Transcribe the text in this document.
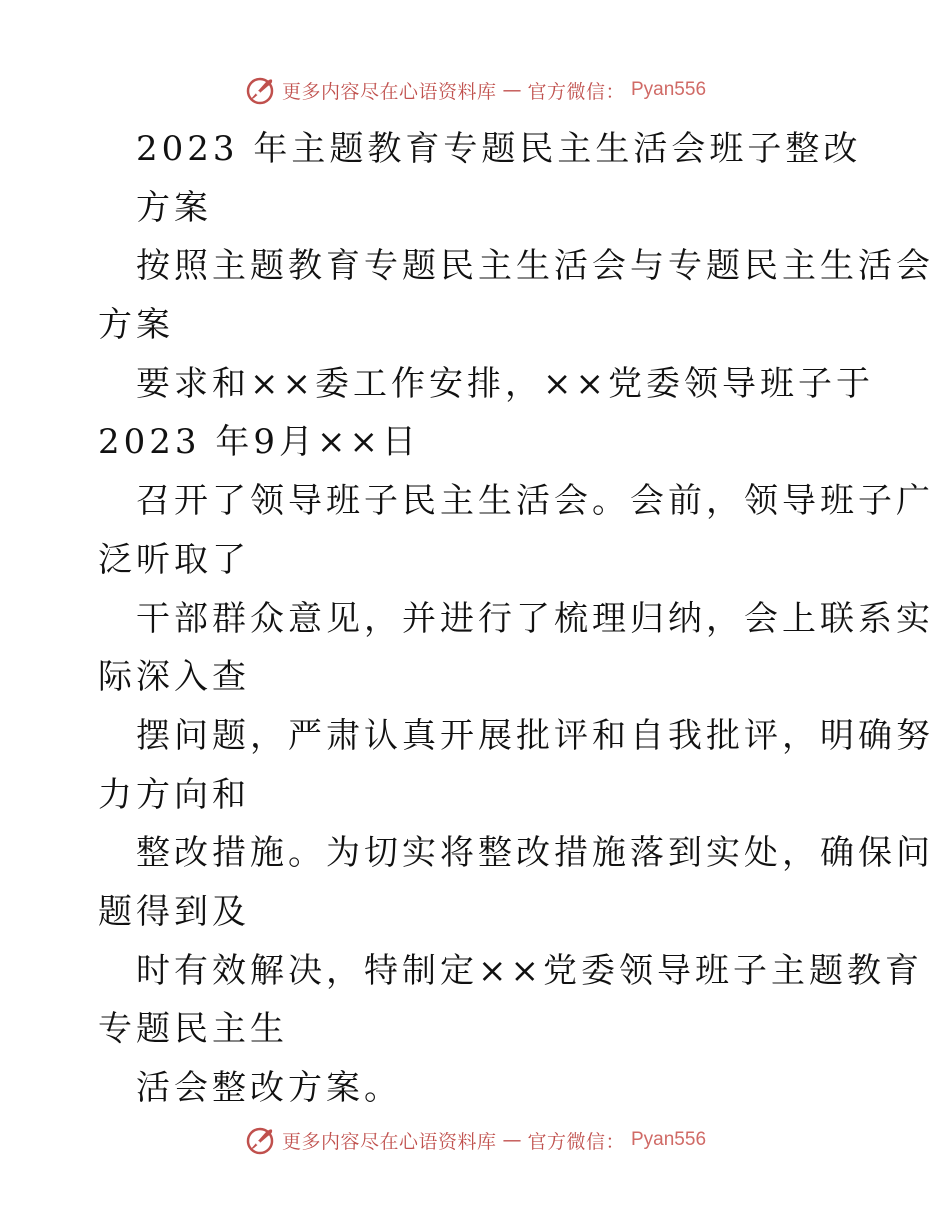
更多内容尽在心语资料库 — 官方微信： Pyan556
2023 年主题教育专题民主生活会班子整改
方案
按照主题教育专题民主生活会与专题民主生活会
方案
要求和××委工作安排，××党委领导班子于
2023 年9月××日
召开了领导班子民主生活会。会前，领导班子广
泛听取了
干部群众意见，并进行了梳理归纳，会上联系实
际深入查
摆问题，严肃认真开展批评和自我批评，明确努
力方向和
整改措施。为切实将整改措施落到实处，确保问
题得到及
时有效解决，特制定××党委领导班子主题教育
专题民主生
活会整改方案。
更多内容尽在心语资料库 — 官方微信： Pyan556
